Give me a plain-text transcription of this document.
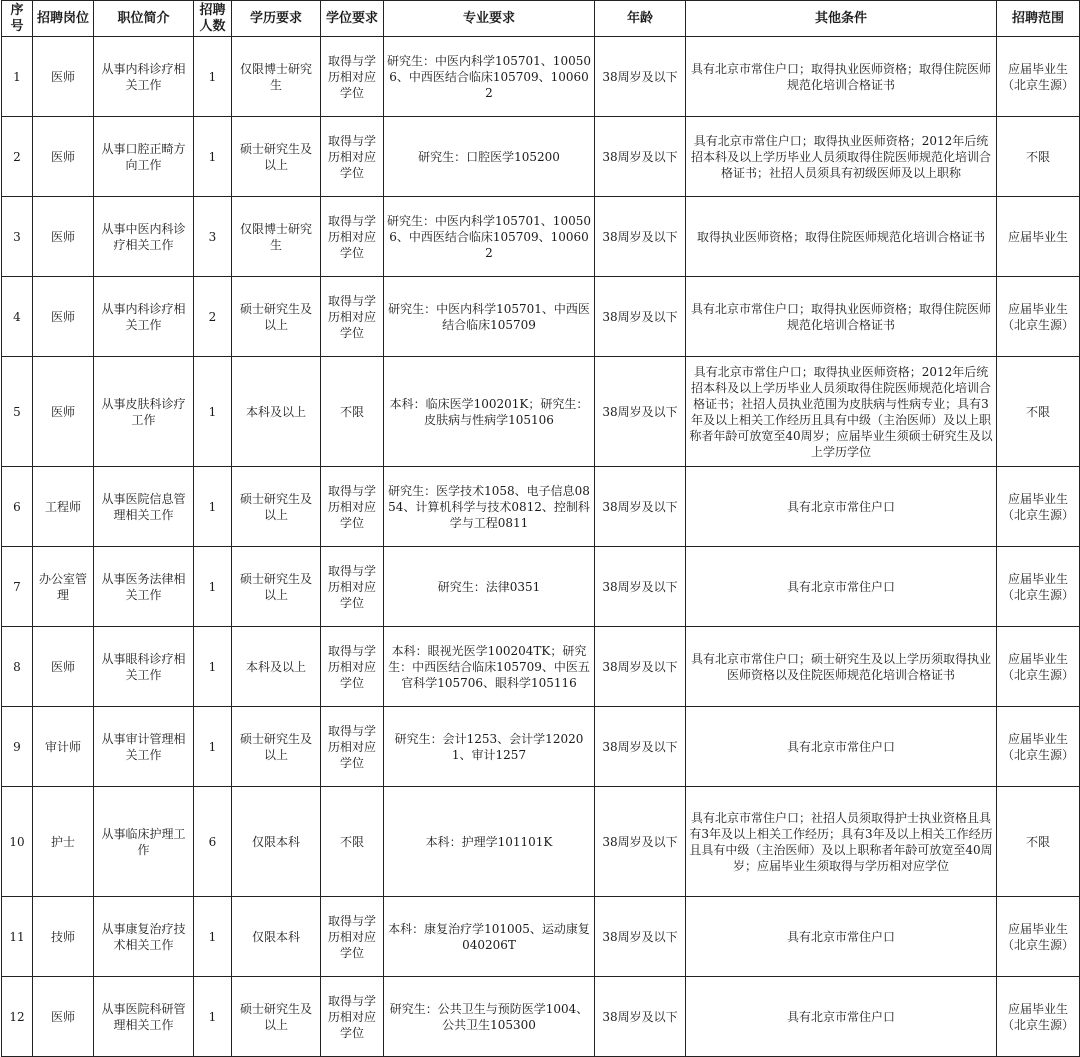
序号	招聘岗位	职位简介	招聘人数	学历要求	学位要求	专业要求	年龄	其他条件	招聘范围
1	医师	从事内科诊疗相关工作	1	仅限博士研究生	取得与学历相对应学位	研究生：中医内科学105701、100506、中西医结合临床105709、100602	38周岁及以下	具有北京市常住户口；取得执业医师资格；取得住院医师规范化培训合格证书	应届毕业生（北京生源）
2	医师	从事口腔正畸方向工作	1	硕士研究生及以上	取得与学历相对应学位	研究生：口腔医学105200	38周岁及以下	具有北京市常住户口；取得执业医师资格；2012年后统招本科及以上学历毕业人员须取得住院医师规范化培训合格证书；社招人员须具有初级医师及以上职称	不限
3	医师	从事中医内科诊疗相关工作	3	仅限博士研究生	取得与学历相对应学位	研究生：中医内科学105701、100506、中西医结合临床105709、100602	38周岁及以下	取得执业医师资格；取得住院医师规范化培训合格证书	应届毕业生
4	医师	从事内科诊疗相关工作	2	硕士研究生及以上	取得与学历相对应学位	研究生：中医内科学105701、中西医结合临床105709	38周岁及以下	具有北京市常住户口；取得执业医师资格；取得住院医师规范化培训合格证书	应届毕业生（北京生源）
5	医师	从事皮肤科诊疗工作	1	本科及以上	不限	本科：临床医学100201K；研究生：皮肤病与性病学105106	38周岁及以下	具有北京市常住户口；取得执业医师资格；2012年后统招本科及以上学历毕业人员须取得住院医师规范化培训合格证书；社招人员执业范围为皮肤病与性病专业；具有3年及以上相关工作经历且具有中级（主治医师）及以上职称者年龄可放宽至40周岁；应届毕业生须硕士研究生及以上学历学位	不限
6	工程师	从事医院信息管理相关工作	1	硕士研究生及以上	取得与学历相对应学位	研究生：医学技术1058、电子信息0854、计算机科学与技术0812、控制科学与工程0811	38周岁及以下	具有北京市常住户口	应届毕业生（北京生源）
7	办公室管理	从事医务法律相关工作	1	硕士研究生及以上	取得与学历相对应学位	研究生：法律0351	38周岁及以下	具有北京市常住户口	应届毕业生（北京生源）
8	医师	从事眼科诊疗相关工作	1	本科及以上	取得与学历相对应学位	本科：眼视光医学100204TK；研究生：中西医结合临床105709、中医五官科学105706、眼科学105116	38周岁及以下	具有北京市常住户口；硕士研究生及以上学历须取得执业医师资格以及住院医师规范化培训合格证书	应届毕业生（北京生源）
9	审计师	从事审计管理相关工作	1	硕士研究生及以上	取得与学历相对应学位	研究生：会计1253、会计学120201、审计1257	38周岁及以下	具有北京市常住户口	应届毕业生（北京生源）
10	护士	从事临床护理工作	6	仅限本科	不限	本科：护理学101101K	38周岁及以下	具有北京市常住户口；社招人员须取得护士执业资格且具有3年及以上相关工作经历；具有3年及以上相关工作经历且具有中级（主治医师）及以上职称者年龄可放宽至40周岁；应届毕业生须取得与学历相对应学位	不限
11	技师	从事康复治疗技术相关工作	1	仅限本科	取得与学历相对应学位	本科：康复治疗学101005、运动康复040206T	38周岁及以下	具有北京市常住户口	应届毕业生（北京生源）
12	医师	从事医院科研管理相关工作	1	硕士研究生及以上	取得与学历相对应学位	研究生：公共卫生与预防医学1004、公共卫生105300	38周岁及以下	具有北京市常住户口	应届毕业生（北京生源）
